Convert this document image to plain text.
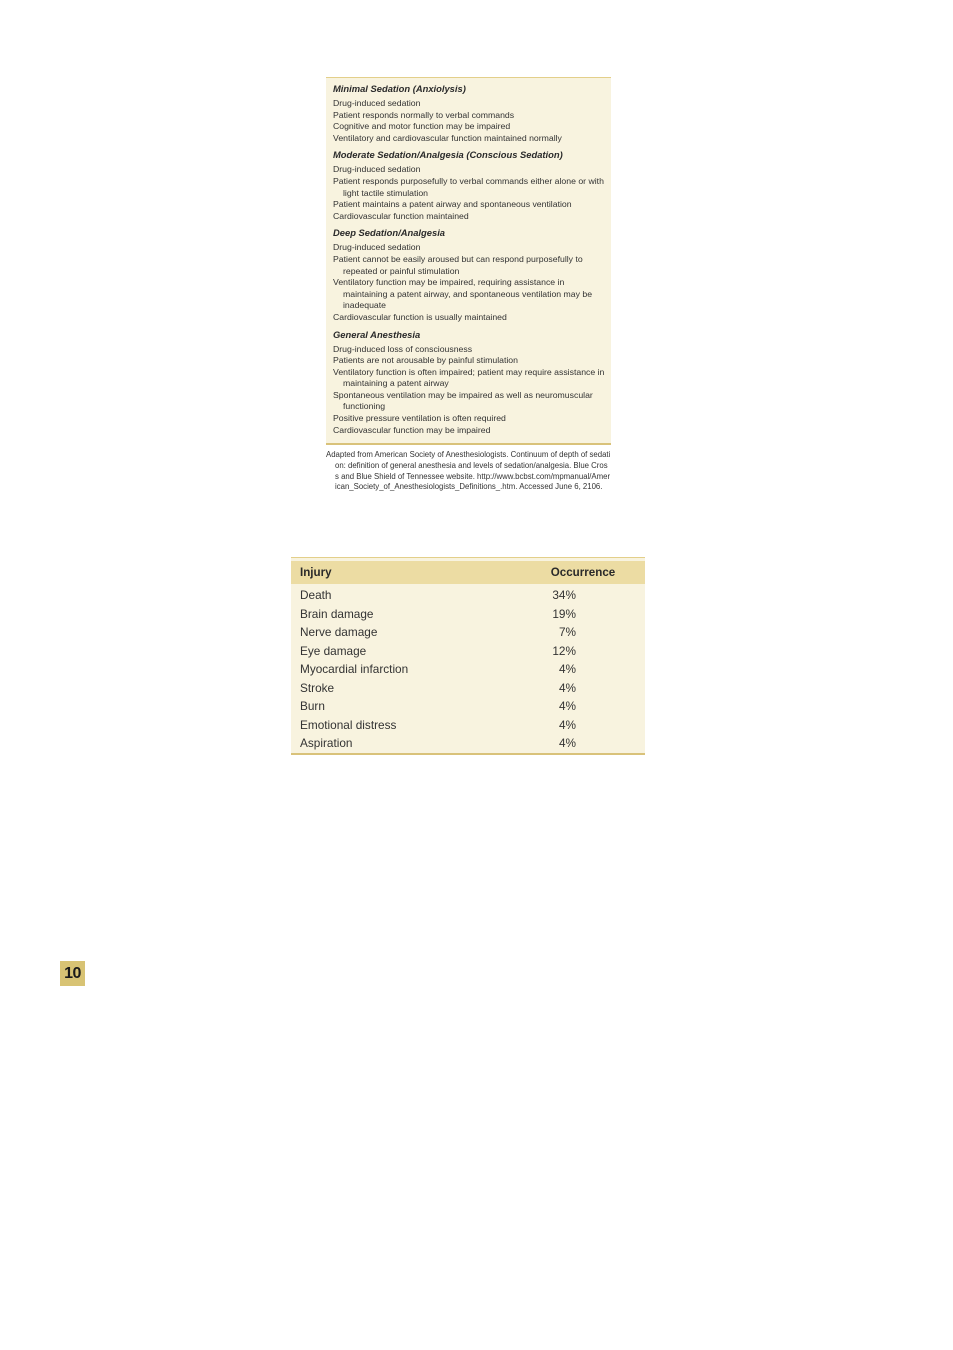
Minimal Sedation (Anxiolysis)
Drug-induced sedation
Patient responds normally to verbal commands
Cognitive and motor function may be impaired
Ventilatory and cardiovascular function maintained normally
Moderate Sedation/Analgesia (Conscious Sedation)
Drug-induced sedation
Patient responds purposefully to verbal commands either alone or with light tactile stimulation
Patient maintains a patent airway and spontaneous ventilation
Cardiovascular function maintained
Deep Sedation/Analgesia
Drug-induced sedation
Patient cannot be easily aroused but can respond purposefully to repeated or painful stimulation
Ventilatory function may be impaired, requiring assistance in maintaining a patent airway, and spontaneous ventilation may be inadequate
Cardiovascular function is usually maintained
General Anesthesia
Drug-induced loss of consciousness
Patients are not arousable by painful stimulation
Ventilatory function is often impaired; patient may require assistance in maintaining a patent airway
Spontaneous ventilation may be impaired as well as neuromuscular functioning
Positive pressure ventilation is often required
Cardiovascular function may be impaired
Adapted from American Society of Anesthesiologists. Continuum of depth of sedation: definition of general anesthesia and levels of sedation/analgesia. Blue Cross and Blue Shield of Tennessee website. http://www.bcbst.com/mpmanual/American_Society_of_Anesthesiologists_Definitions_.htm. Accessed June 6, 2106.
Injury	Occurrence
Death	34%
Brain damage	19%
Nerve damage	7%
Eye damage	12%
Myocardial infarction	4%
Stroke	4%
Burn	4%
Emotional distress	4%
Aspiration	4%
10
